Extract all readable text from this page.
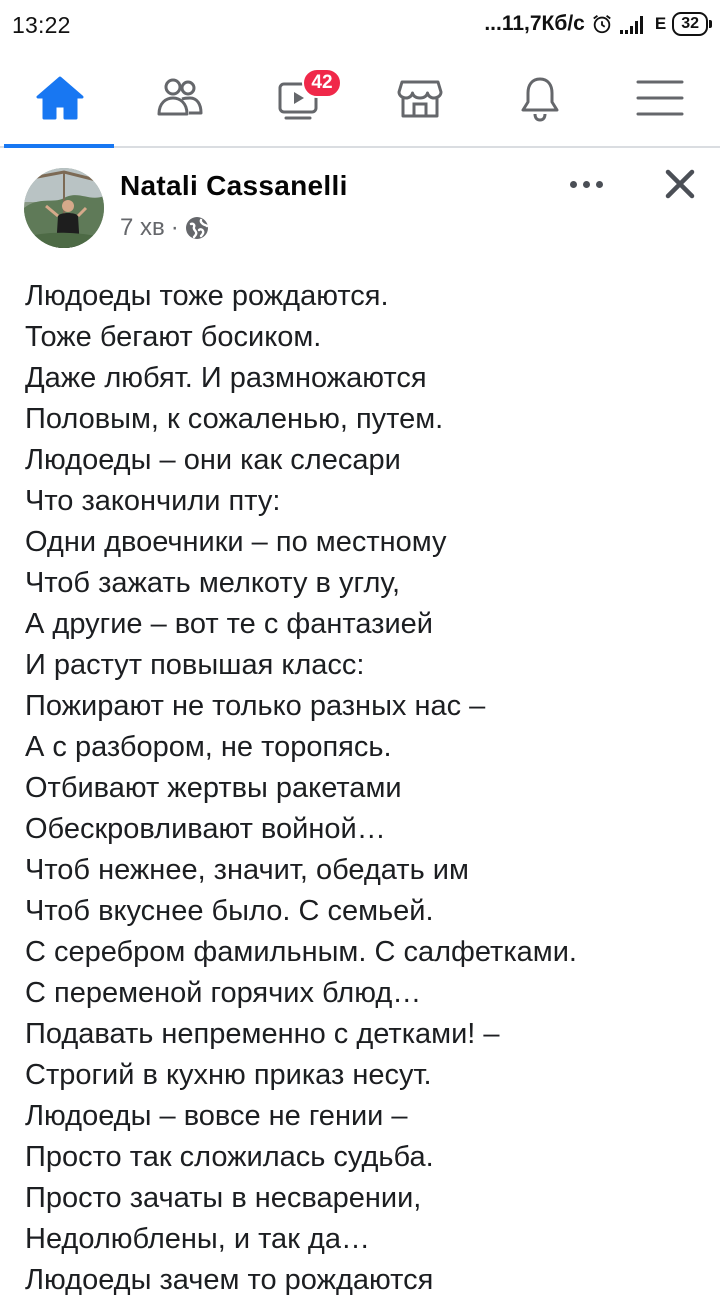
13:22	...11,7Кб/с	E 32
42
Natali Cassanelli
7 хв ·
Людоеды тоже рождаются.
Тоже бегают босиком.
Даже любят. И размножаются
Половым, к сожаленью, путем.
Людоеды – они как слесари
Что закончили пту:
Одни двоечники – по местному
Чтоб зажать мелкоту в углу,
А другие – вот те с фантазией
И растут повышая класс:
Пожирают не только разных нас –
А с разбором, не торопясь.
Отбивают жертвы ракетами
Обескровливают войной…
Чтоб нежнее, значит, обедать им
Чтоб вкуснее было. С семьей.
С серебром фамильным. С салфетками.
С переменой горячих блюд…
Подавать непременно с детками! –
Строгий в кухню приказ несут.
Людоеды – вовсе не гении –
Просто так сложилась судьба.
Просто зачаты в несварении,
Недолюблены, и так да…
Людоеды зачем то рождаются
